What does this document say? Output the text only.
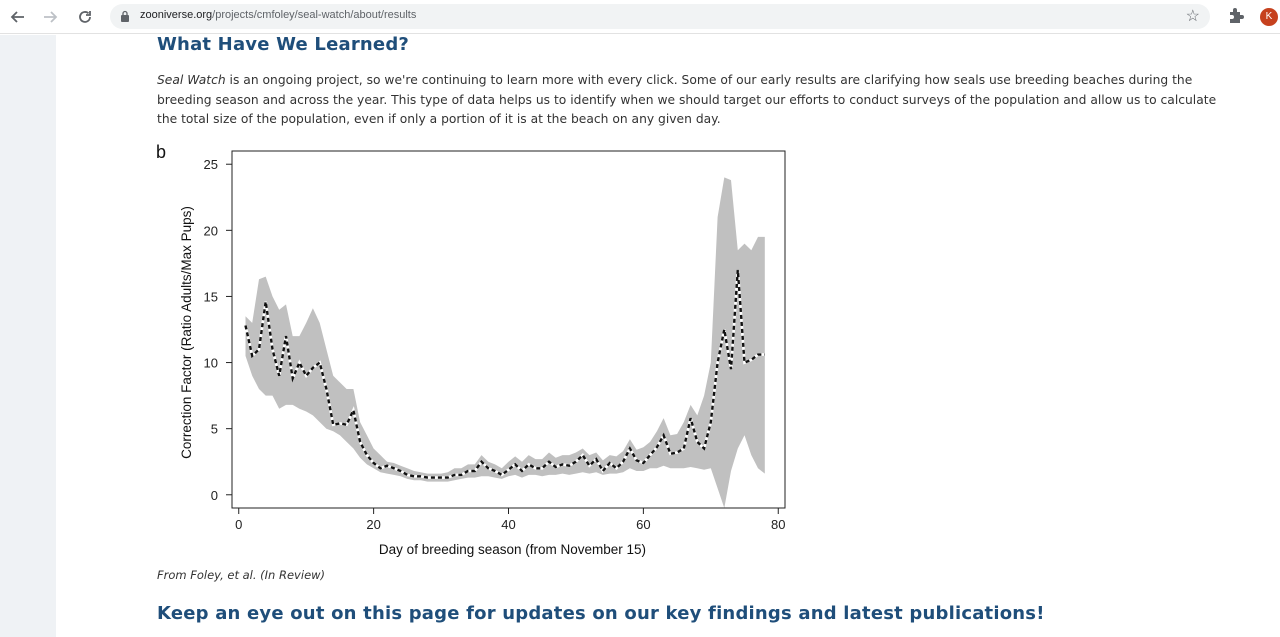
zooniverse.org/projects/cmfoley/seal-watch/about/results	☆	K
What Have We Learned?

Seal Watch is an ongoing project, so we're continuing to learn more with every click. Some of our early results are clarifying how seals use breeding beaches during the breeding season and across the year. This type of data helps us to identify when we should target our efforts to conduct surveys of the population and allow us to calculate the total size of the population, even if only a portion of it is at the beach on any given day.

0	20	40	60	80
0
5
10
15
20
25
Day of breeding season (from November 15)
Correction Factor (Ratio Adults/Max Pups)
b
From Foley, et al. (In Review)
Keep an eye out on this page for updates on our key findings and latest publications!
